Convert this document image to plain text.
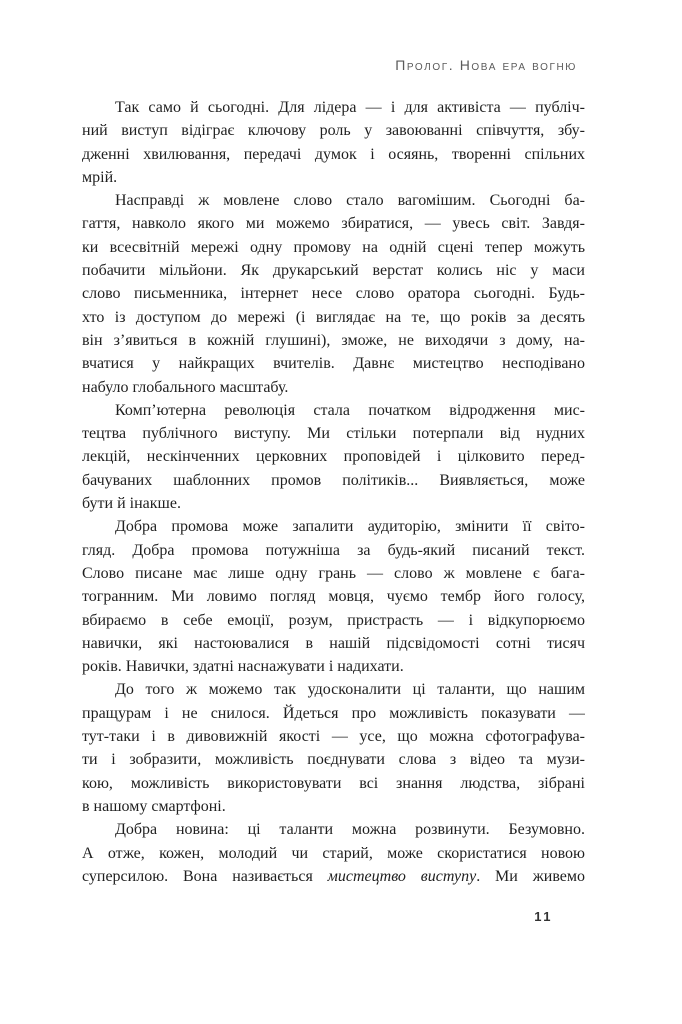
Пролог. Нова ера вогню
Так само й сьогодні. Для лідера — і для активіста — публіч-
ний виступ відіграє ключову роль у завоюванні співчуття, збу-
дженні хвилювання, передачі думок і осяянь, творенні спільних
мрій.
Насправді ж мовлене слово стало вагомішим. Сьогодні ба-
гаття, навколо якого ми можемо збиратися, — увесь світ. Завдя-
ки всесвітній мережі одну промову на одній сцені тепер можуть
побачити мільйони. Як друкарський верстат колись ніс у маси
слово письменника, інтернет несе слово оратора сьогодні. Будь-
хто із доступом до мережі (і виглядає на те, що років за десять
він з’явиться в кожній глушині), зможе, не виходячи з дому, на-
вчатися у найкращих вчителів. Давнє мистецтво несподівано
набуло глобального масштабу.
Комп’ютерна революція стала початком відродження мис-
тецтва публічного виступу. Ми стільки потерпали від нудних
лекцій, нескінченних церковних проповідей і цілковито перед-
бачуваних шаблонних промов політиків... Виявляється, може
бути й інакше.
Добра промова може запалити аудиторію, змінити її світо-
гляд. Добра промова потужніша за будь-який писаний текст.
Слово писане має лише одну грань — слово ж мовлене є бага-
тогранним. Ми ловимо погляд мовця, чуємо тембр його голосу,
вбираємо в себе емоції, розум, пристрасть — і відкупорюємо
навички, які настоювалися в нашій підсвідомості сотні тисяч
років. Навички, здатні наснажувати і надихати.
До того ж можемо так удосконалити ці таланти, що нашим
пращурам і не снилося. Йдеться про можливість показувати —
тут-таки і в дивовижній якості — усе, що можна сфотографува-
ти і зобразити, можливість поєднувати слова з відео та музи-
кою, можливість використовувати всі знання людства, зібрані
в нашому смартфоні.
Добра новина: ці таланти можна розвинути. Безумовно.
А отже, кожен, молодий чи старий, може скористатися новою
суперсилою. Вона називається мистецтво виступу. Ми живемо
11
